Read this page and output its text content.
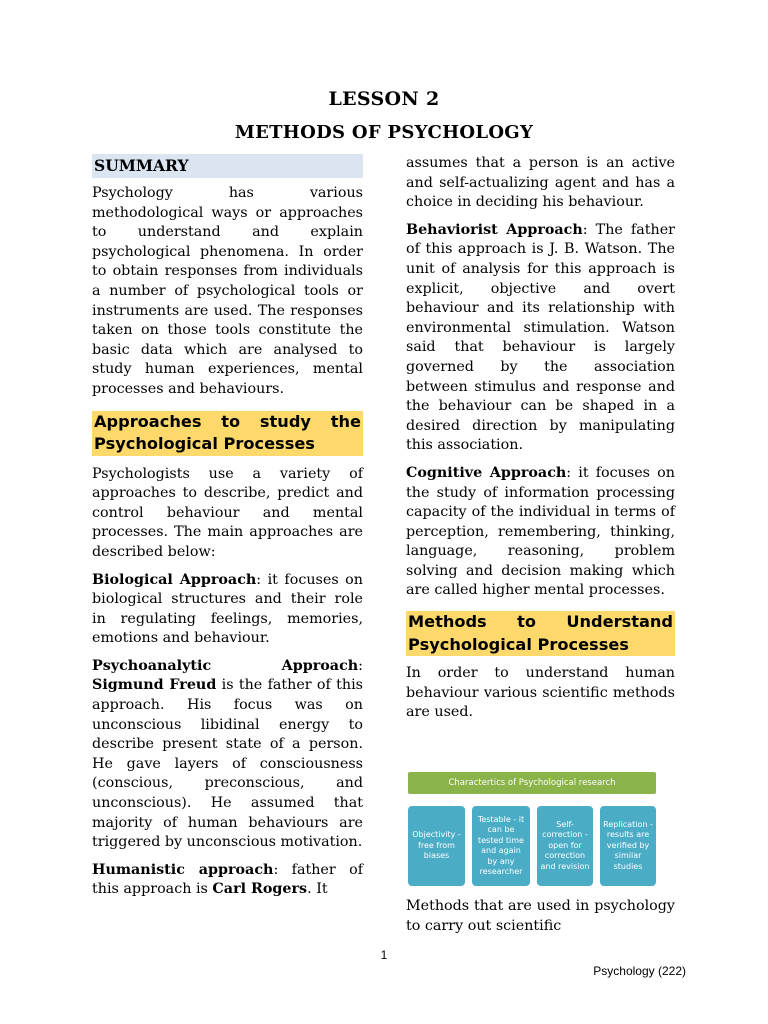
LESSON 2
METHODS OF PSYCHOLOGY
SUMMARY

Psychology has various methodological ways or approaches to understand and explain psychological phenomena. In order to obtain responses from individuals a number of psychological tools or instruments are used. The responses taken on those tools constitute the basic data which are analysed to study human experiences, mental processes and behaviours.

Approaches to study the Psychological Processes

Psychologists use a variety of approaches to describe, predict and control behaviour and mental processes. The main approaches are described below:

Biological Approach: it focuses on biological structures and their role in regulating feelings, memories, emotions and behaviour.

Psychoanalytic Approach:

Sigmund Freud is the father of this approach. His focus was on unconscious libidinal energy to describe present state of a person. He gave layers of consciousness (conscious, preconscious, and unconscious). He assumed that majority of human behaviours are triggered by unconscious motivation.

Humanistic approach: father of this approach is Carl Rogers. It

assumes that a person is an active and self-actualizing agent and has a choice in deciding his behaviour.

Behaviorist Approach: The father of this approach is J. B. Watson. The unit of analysis for this approach is explicit, objective and overt behaviour and its relationship with environmental stimulation. Watson said that behaviour is largely governed by the association between stimulus and response and the behaviour can be shaped in a desired direction by manipulating this association.

Cognitive Approach: it focuses on the study of information processing capacity of the individual in terms of perception, remembering, thinking, language, reasoning, problem solving and decision making which are called higher mental processes.

Methods to Understand Psychological Processes

In order to understand human behaviour various scientific methods are used.

Charactertics of Psychological research
Objectivity - free from biases
Testable - it can be tested time and again by any researcher
Self-correction - open for correction and revision
Replication - results are verified by similar studies

Methods that are used in psychology to carry out scientific

1
Psychology (222)
